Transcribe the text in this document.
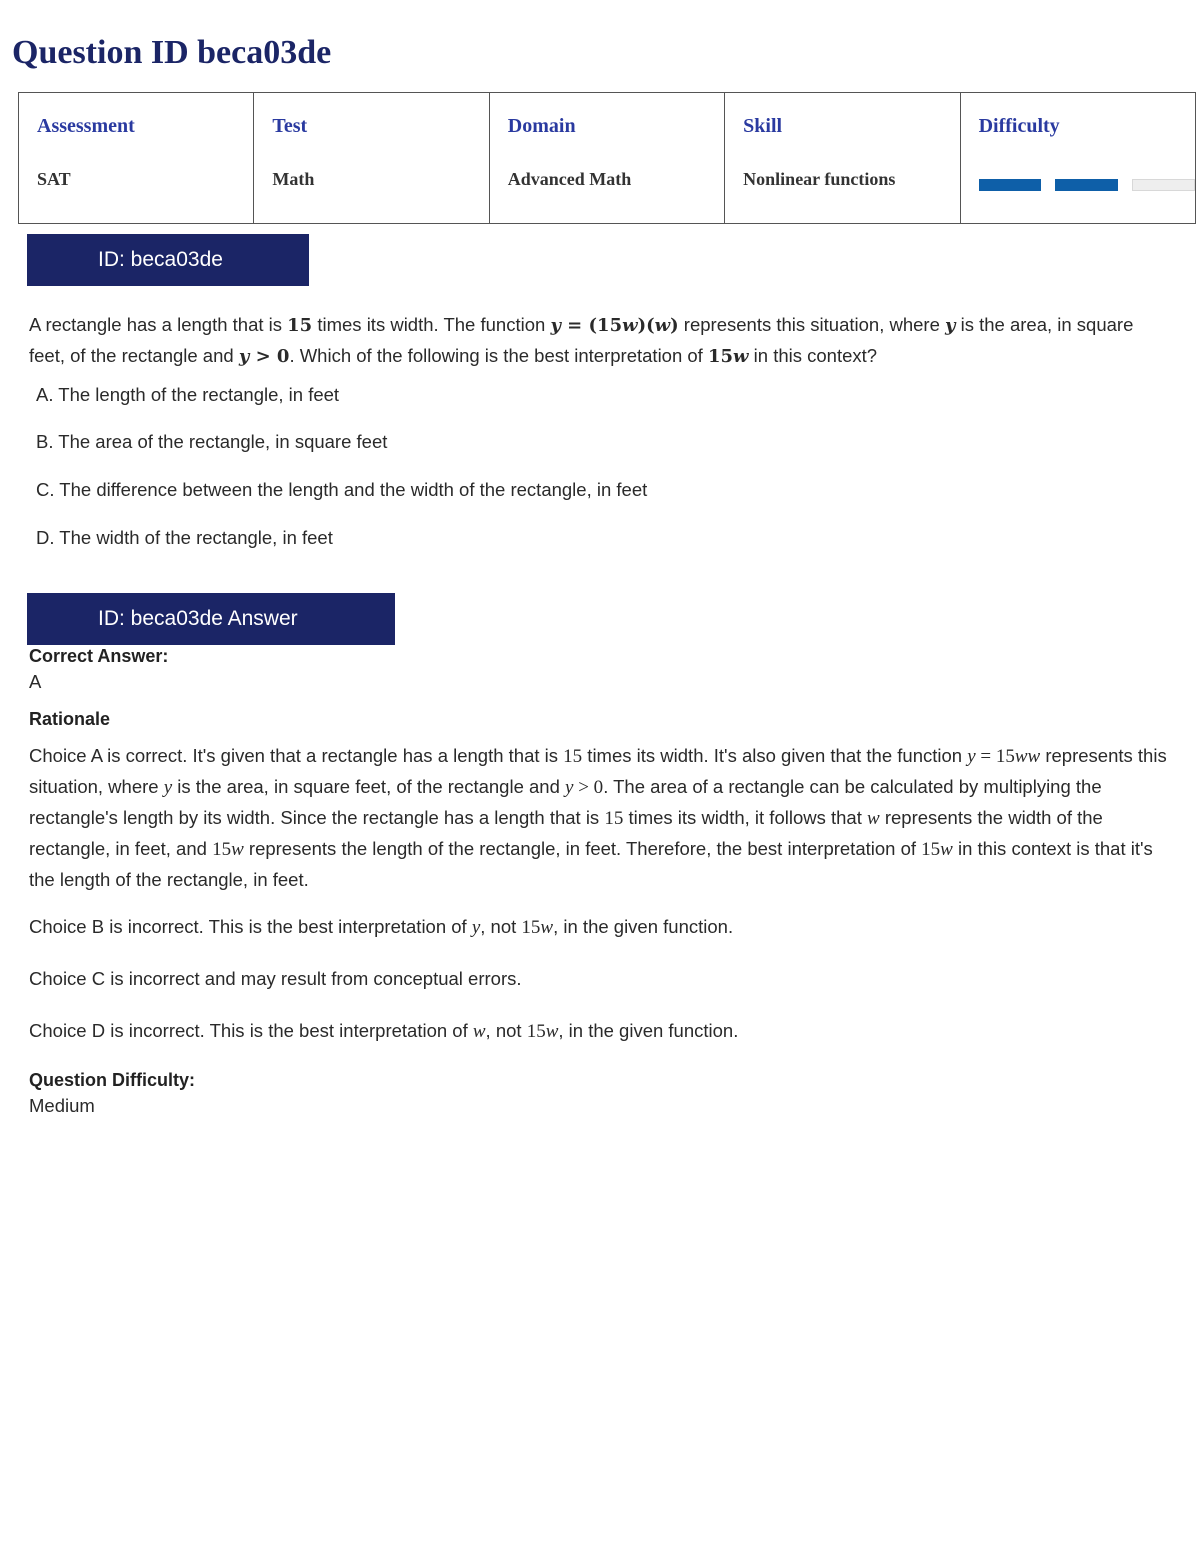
Question ID beca03de
Assessment
SAT

Test
Math

Domain
Advanced Math

Skill
Nonlinear functions

Difficulty
ID: beca03de
A rectangle has a length that is 15 times its width. The function y = (15w)(w) represents this situation, where y is the area, in square feet, of the rectangle and y > 0. Which of the following is the best interpretation of 15w in this context?
A. The length of the rectangle, in feet
B. The area of the rectangle, in square feet
C. The difference between the length and the width of the rectangle, in feet
D. The width of the rectangle, in feet
ID: beca03de Answer
Correct Answer:
A
Rationale
Choice A is correct. It's given that a rectangle has a length that is 15 times its width. It's also given that the function y = 15ww represents this situation, where y is the area, in square feet, of the rectangle and y > 0. The area of a rectangle can be calculated by multiplying the rectangle's length by its width. Since the rectangle has a length that is 15 times its width, it follows that w represents the width of the rectangle, in feet, and 15w represents the length of the rectangle, in feet. Therefore, the best interpretation of 15w in this context is that it's the length of the rectangle, in feet.
Choice B is incorrect. This is the best interpretation of y, not 15w, in the given function.
Choice C is incorrect and may result from conceptual errors.
Choice D is incorrect. This is the best interpretation of w, not 15w, in the given function.
Question Difficulty:
Medium
